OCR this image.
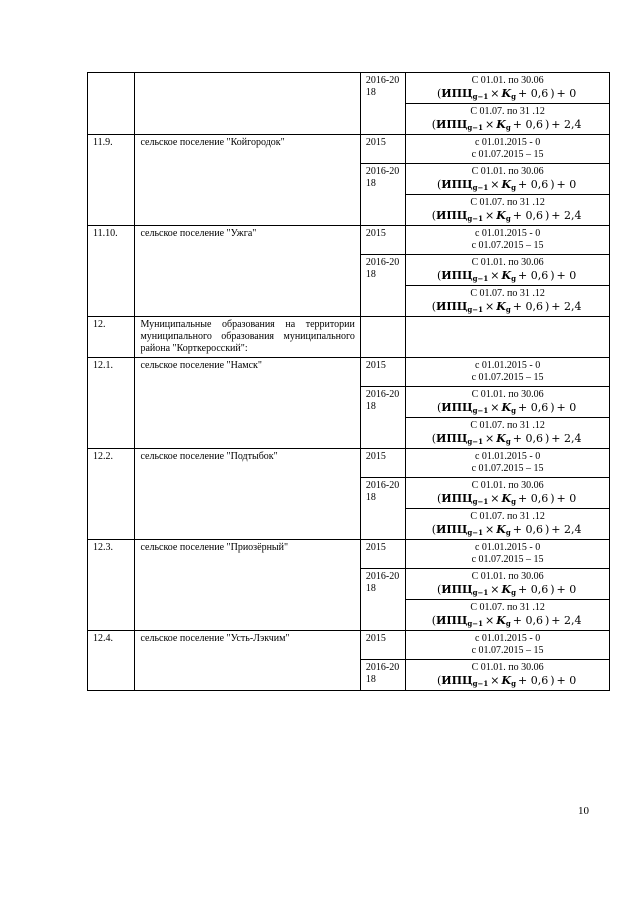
		2016-2018	С 01.01. по 30.06
($ИПЦ_{g-1} \times K_g + 0,6$ ) + 0

			С 01.07. по 31 .12
($ИПЦ_{g-1} \times K_g + 0,6$ ) + 2,4

11.9.	сельское поселение "Койгородок"	2015	с 01.01.2015 - 0
с 01.07.2015 – 15

		2016-2018	С 01.01. по 30.06
($ИПЦ_{g-1} \times K_g + 0,6$ ) + 0

			С 01.07. по 31 .12
($ИПЦ_{g-1} \times K_g + 0,6$ ) + 2,4

11.10.	сельское поселение "Ужга"	2015	с 01.01.2015 - 0
с 01.07.2015 – 15

		2016-2018	С 01.01. по 30.06
($ИПЦ_{g-1} \times K_g + 0,6$ ) + 0

			С 01.07. по 31 .12
($ИПЦ_{g-1} \times K_g + 0,6$ ) + 2,4

12.	Муниципальные образования на территории муниципального образования муниципального района "Корткеросский":		
12.1.	сельское поселение "Намск"	2015	с 01.01.2015 - 0
с 01.07.2015 – 15

		2016-2018	С 01.01. по 30.06
($ИПЦ_{g-1} \times K_g + 0,6$ ) + 0

			С 01.07. по 31 .12
($ИПЦ_{g-1} \times K_g + 0,6$ ) + 2,4

12.2.	сельское поселение "Подтыбок"	2015	с 01.01.2015 - 0
с 01.07.2015 – 15

		2016-2018	С 01.01. по 30.06
($ИПЦ_{g-1} \times K_g + 0,6$ ) + 0

			С 01.07. по 31 .12
($ИПЦ_{g-1} \times K_g + 0,6$ ) + 2,4

12.3.	сельское поселение "Приозёрный"	2015	с 01.01.2015 - 0
с 01.07.2015 – 15

		2016-2018	С 01.01. по 30.06
($ИПЦ_{g-1} \times K_g + 0,6$ ) + 0

			С 01.07. по 31 .12
($ИПЦ_{g-1} \times K_g + 0,6$ ) + 2,4

12.4.	сельское поселение "Усть-Лэкчим"	2015	с 01.01.2015 - 0
с 01.07.2015 – 15

		2016-2018	С 01.01. по 30.06
($ИПЦ_{g-1} \times K_g + 0,6$ ) + 0
10
